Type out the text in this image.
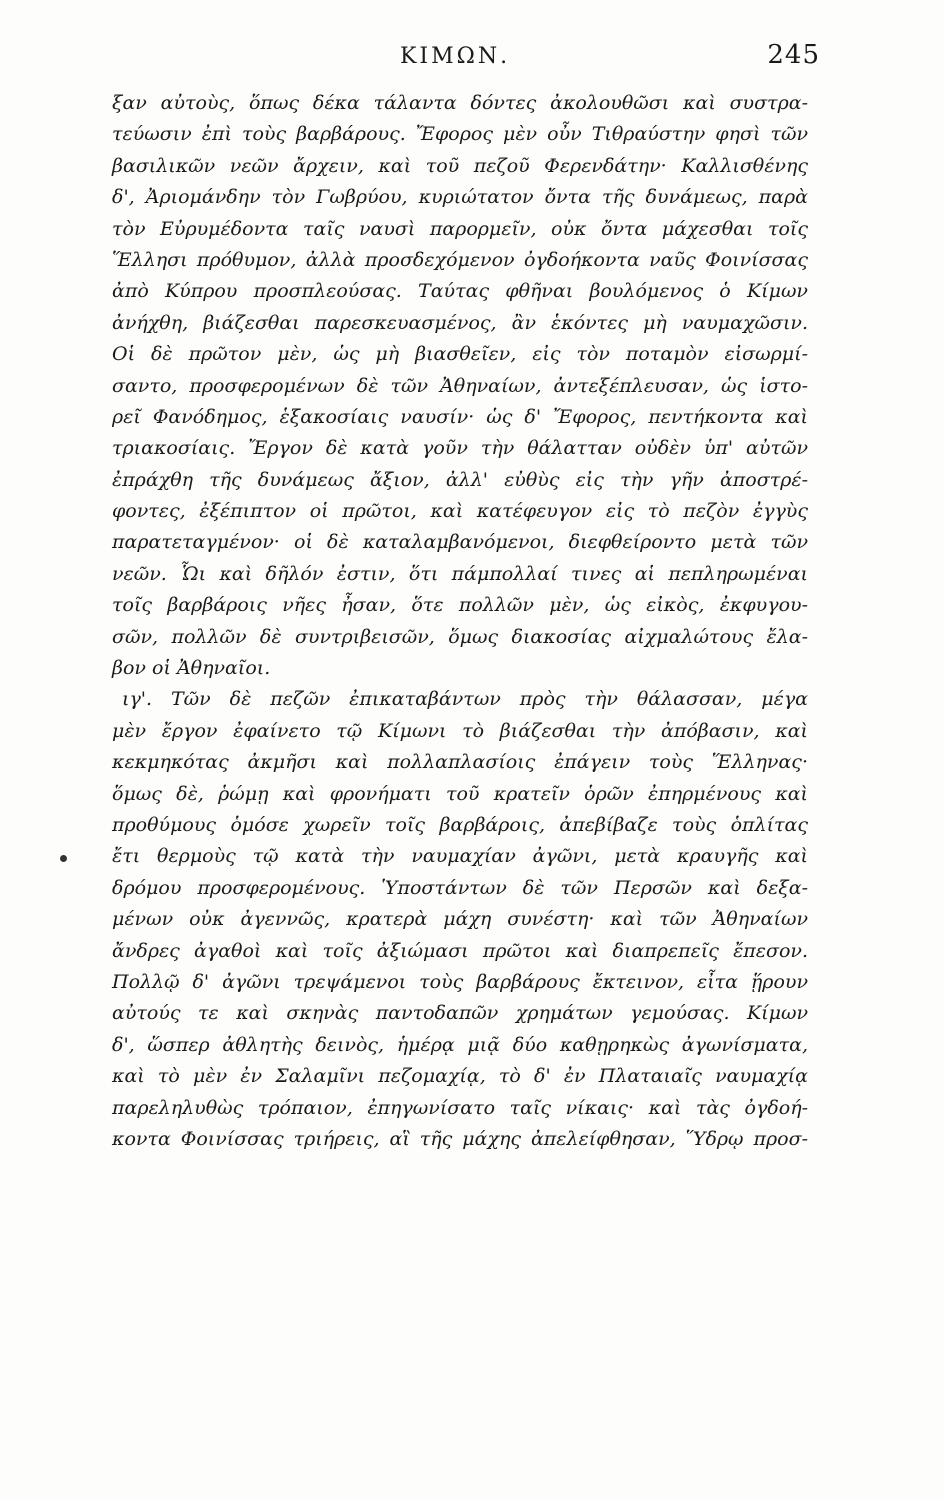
ΚΙΜΩΝ.	245
ξαν αὐτοὺς, ὅπως δέκα τάλαντα δόντες ἀκολουθῶσι καὶ συστρα-
τεύωσιν ἐπὶ τοὺς βαρβάρους. Ἔφορος μὲν οὖν Τιθραύστην φησὶ τῶν
βασιλικῶν νεῶν ἄρχειν, καὶ τοῦ πεζοῦ Φερενδάτην· Καλλισθένης
δ', Ἀριομάνδην τὸν Γωβρύου, κυριώτατον ὄντα τῆς δυνάμεως, παρὰ
τὸν Εὐρυμέδοντα ταῖς ναυσὶ παρορμεῖν, οὐκ ὄντα μάχεσθαι τοῖς
Ἕλλησι πρόθυμον, ἀλλὰ προσδεχόμενον ὀγδοήκοντα ναῦς Φοινίσσας
ἀπὸ Κύπρου προσπλεούσας. Ταύτας φθῆναι βουλόμενος ὁ Κίμων
ἀνήχθη, βιάζεσθαι παρεσκευασμένος, ἂν ἑκόντες μὴ ναυμαχῶσιν.
Οἱ δὲ πρῶτον μὲν, ὡς μὴ βιασθεῖεν, εἰς τὸν ποταμὸν εἰσωρμί-
σαντο, προσφερομένων δὲ τῶν Ἀθηναίων, ἀντεξέπλευσαν, ὡς ἱστο-
ρεῖ Φανόδημος, ἑξακοσίαις ναυσίν· ὡς δ' Ἔφορος, πεντήκοντα καὶ
τριακοσίαις. Ἔργον δὲ κατὰ γοῦν τὴν θάλατταν οὐδὲν ὑπ' αὐτῶν
ἐπράχθη τῆς δυνάμεως ἄξιον, ἀλλ' εὐθὺς εἰς τὴν γῆν ἀποστρέ-
φοντες, ἐξέπιπτον οἱ πρῶτοι, καὶ κατέφευγον εἰς τὸ πεζὸν ἐγγὺς
παρατεταγμένον· οἱ δὲ καταλαμβανόμενοι, διεφθείροντο μετὰ τῶν
νεῶν. Ὧι καὶ δῆλόν ἐστιν, ὅτι πάμπολλαί τινες αἱ πεπληρωμέναι
τοῖς βαρβάροις νῆες ἦσαν, ὅτε πολλῶν μὲν, ὡς εἰκὸς, ἐκφυγου-
σῶν, πολλῶν δὲ συντριβεισῶν, ὅμως διακοσίας αἰχμαλώτους ἔλα-
βον οἱ Ἀθηναῖοι.
ιγ'. Τῶν δὲ πεζῶν ἐπικαταβάντων πρὸς τὴν θάλασσαν, μέγα
μὲν ἔργον ἐφαίνετο τῷ Κίμωνι τὸ βιάζεσθαι τὴν ἀπόβασιν, καὶ
κεκμηκότας ἀκμῆσι καὶ πολλαπλασίοις ἐπάγειν τοὺς Ἕλληνας·
ὅμως δὲ, ῥώμῃ καὶ φρονήματι τοῦ κρατεῖν ὁρῶν ἐπηρμένους καὶ
προθύμους ὁμόσε χωρεῖν τοῖς βαρβάροις, ἀπεβίβαζε τοὺς ὁπλίτας
ἔτι θερμοὺς τῷ κατὰ τὴν ναυμαχίαν ἀγῶνι, μετὰ κραυγῆς καὶ
δρόμου προσφερομένους. Ὑποστάντων δὲ τῶν Περσῶν καὶ δεξα-
μένων οὐκ ἀγεννῶς, κρατερὰ μάχη συνέστη· καὶ τῶν Ἀθηναίων
ἄνδρες ἀγαθοὶ καὶ τοῖς ἀξιώμασι πρῶτοι καὶ διαπρεπεῖς ἔπεσον.
Πολλῷ δ' ἀγῶνι τρεψάμενοι τοὺς βαρβάρους ἔκτεινον, εἶτα ᾕρουν
αὐτούς τε καὶ σκηνὰς παντοδαπῶν χρημάτων γεμούσας. Κίμων
δ', ὥσπερ ἀθλητὴς δεινὸς, ἡμέρᾳ μιᾷ δύο καθῃρηκὼς ἀγωνίσματα,
καὶ τὸ μὲν ἐν Σαλαμῖνι πεζομαχίᾳ, τὸ δ' ἐν Πλαταιαῖς ναυμαχίᾳ
παρεληλυθὼς τρόπαιον, ἐπηγωνίσατο ταῖς νίκαις· καὶ τὰς ὀγδοή-
κοντα Φοινίσσας τριήρεις, αἳ τῆς μάχης ἀπελείφθησαν, Ὕδρῳ προσ-
